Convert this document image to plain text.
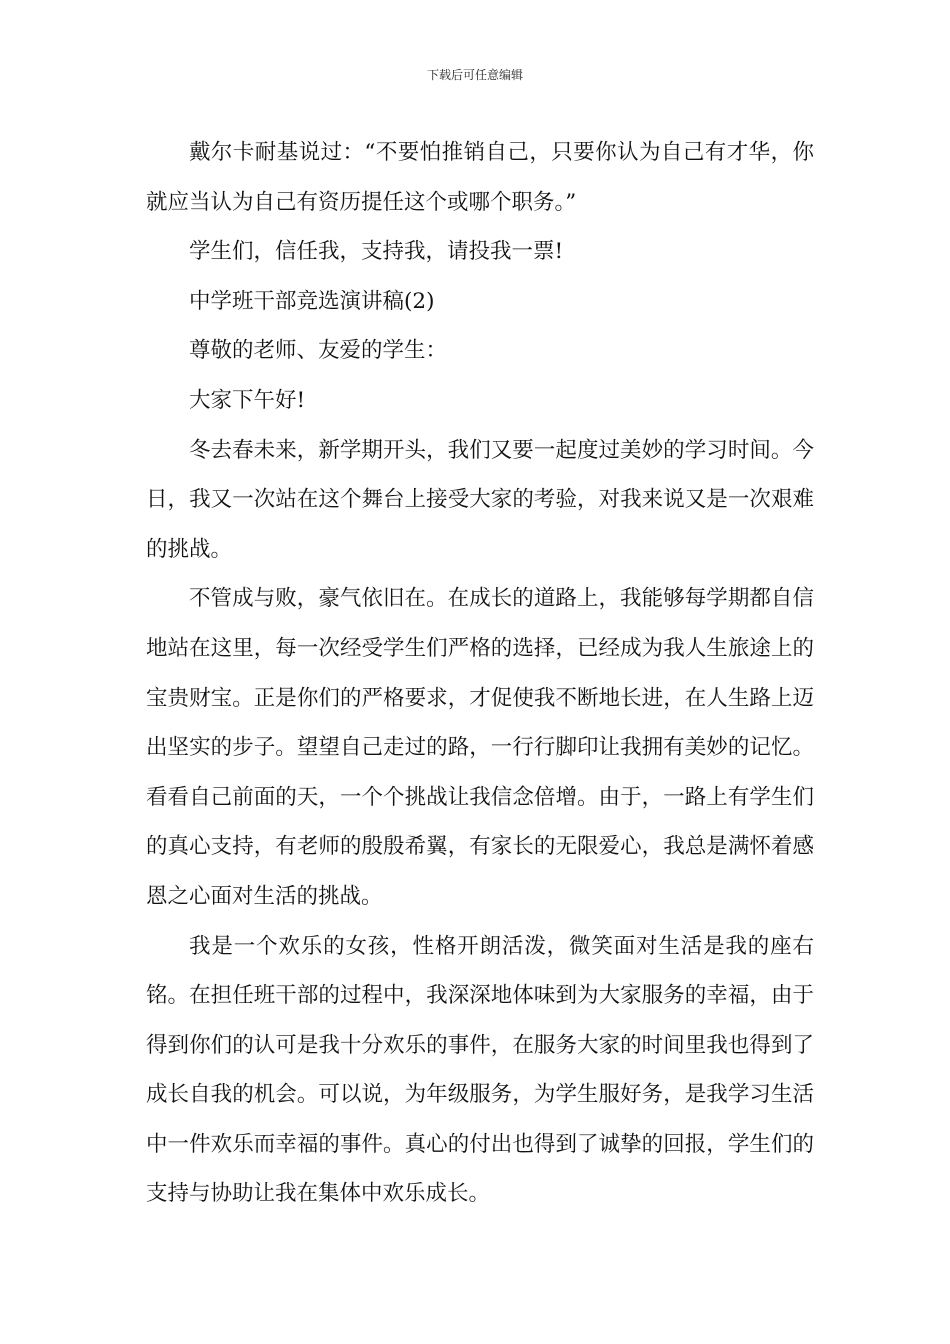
下载后可任意编辑

戴尔卡耐基说过：“不要怕推销自己，只要你认为自己有才华，你就应当认为自己有资历提任这个或哪个职务。”

学生们，信任我，支持我，请投我一票!

中学班干部竞选演讲稿(2)

尊敬的老师、友爱的学生：

大家下午好!

冬去春未来，新学期开头，我们又要一起度过美妙的学习时间。今日，我又一次站在这个舞台上接受大家的考验，对我来说又是一次艰难的挑战。

不管成与败，豪气依旧在。在成长的道路上，我能够每学期都自信地站在这里，每一次经受学生们严格的选择，已经成为我人生旅途上的宝贵财宝。正是你们的严格要求，才促使我不断地长进，在人生路上迈出坚实的步子。望望自己走过的路，一行行脚印让我拥有美妙的记忆。看看自己前面的天，一个个挑战让我信念倍增。由于，一路上有学生们的真心支持，有老师的殷殷希翼，有家长的无限爱心，我总是满怀着感恩之心面对生活的挑战。

我是一个欢乐的女孩，性格开朗活泼，微笑面对生活是我的座右铭。在担任班干部的过程中，我深深地体味到为大家服务的幸福，由于得到你们的认可是我十分欢乐的事件，在服务大家的时间里我也得到了成长自我的机会。可以说，为年级服务，为学生服好务，是我学习生活中一件欢乐而幸福的事件。真心的付出也得到了诚挚的回报，学生们的支持与协助让我在集体中欢乐成长。
